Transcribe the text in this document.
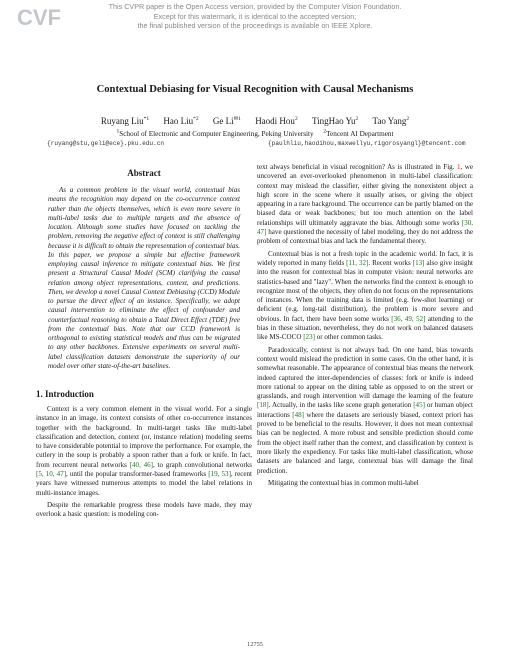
CVF	This CVPR paper is the Open Access version, provided by the Computer Vision Foundation.
Except for this watermark, it is identical to the accepted version;
the final published version of the proceedings is available on IEEE Xplore.
Contextual Debiasing for Visual Recognition with Causal Mechanisms
Ruyang Liu$^{*1}$ Hao Liu$^{*2}$ Ge $Li^{✉1}$ Haodi Hou$^2$ TingHao Yu$^2$ Tao Yang$^2$
$^1$School of Electronic and Computer Engineering, Peking University $^2$Tencent AI Department
{ruyang@stu,geli@ece}.pku.edu.cn	{paulhliu,haodihou,maxwellyu,rigorosyangl}@tencent.com
Abstract

As a common problem in the visual world, contextual bias means the recognition may depend on the co-occurrence context rather than the objects themselves, which is even more severe in multi-label tasks due to multiple targets and the absence of location. Although some studies have focused on tackling the problem, removing the negative effect of context is still challenging because it is difficult to obtain the representation of contextual bias. In this paper, we propose a simple but effective framework employing causal inference to mitigate contextual bias. We first present a Structural Causal Model (SCM) clarifying the causal relation among object representations, context, and predictions. Then, we develop a novel Causal Context Debiasing (CCD) Module to pursue the direct effect of an instance. Specifically, we adopt causal intervention to eliminate the effect of confounder and counterfactual reasoning to obtain a Total Direct Effect (TDE) free from the contextual bias. Note that our CCD framework is orthogonal to existing statistical models and thus can be migrated to any other backbones. Extensive experiments on several multi-label classification datasets demonstrate the superiority of our model over other state-of-the-art baselines.

1. Introduction

Context is a very common element in the visual world. For a single instance in an image, its context consists of other co-occurrence instances together with the background. In multi-target tasks like multi-label classification and detection, context (or, instance relation) modeling seems to have considerable potential to improve the performance. For example, the cutlery in the soup is probably a spoon rather than a fork or knife. In fact, from recurrent neural networks [40, 46], to graph convolutional networks [5, 10, 47], until the popular transformer-based frameworks [19, 53], recent years have witnessed numerous attempts to model the label relations in multi-instance images.

Despite the remarkable progress these models have made, they may overlook a basic question: is modeling con-

text always beneficial in visual recognition? As is illustrated in Fig. 1, we uncovered an ever-overlooked phenomenon in multi-label classification: context may mislead the classifier, either giving the nonexistent object a high score in the scene where it usually arises, or giving the object appearing in a rare background. The occurrence can be partly blamed on the biased data or weak backbones; but too much attention on the label relationships will ultimately aggravate the bias. Although some works [30, 47] have questioned the necessity of label modeling, they do not address the problem of contextual bias and lack the fundamental theory.

Contextual bias is not a fresh topic in the academic world. In fact, it is widely reported in many fields [11, 32]. Recent works [13] also give insight into the reason for contextual bias in computer vision: neural networks are statistics-based and "lazy". When the networks find the context is enough to recognize most of the objects, they often do not focus on the representations of instances. When the training data is limited (e.g. few-shot learning) or deficient (e.g. long-tail distribution), the problem is more severe and obvious. In fact, there have been some works [36, 49, 52] attending to the bias in these situation, nevertheless, they do not work on balanced datasets like MS-COCO [23] or other common tasks.

Paradoxically, context is not always bad. On one hand, bias towards context would mislead the prediction in some cases. On the other hand, it is somewhat reasonable. The appearance of contextual bias means the network indeed captured the inter-dependencies of classes: fork or knife is indeed more rational to appear on the dining table as opposed to on the street or grasslands, and rough intervention will damage the learning of the feature [18]. Actually, in the tasks like scene graph generation [45] or human object interactions [48] where the datasets are seriously biased, context priori has proved to be beneficial to the results. However, it does not mean contextual bias can be neglected. A more robust and sensible prediction should come from the object itself rather than the context, and classification by context is more likely the expediency. For tasks like multi-label classification, whose datasets are balanced and large, contextual bias will damage the final prediction.

Mitigating the contextual bias in common multi-label

12755
